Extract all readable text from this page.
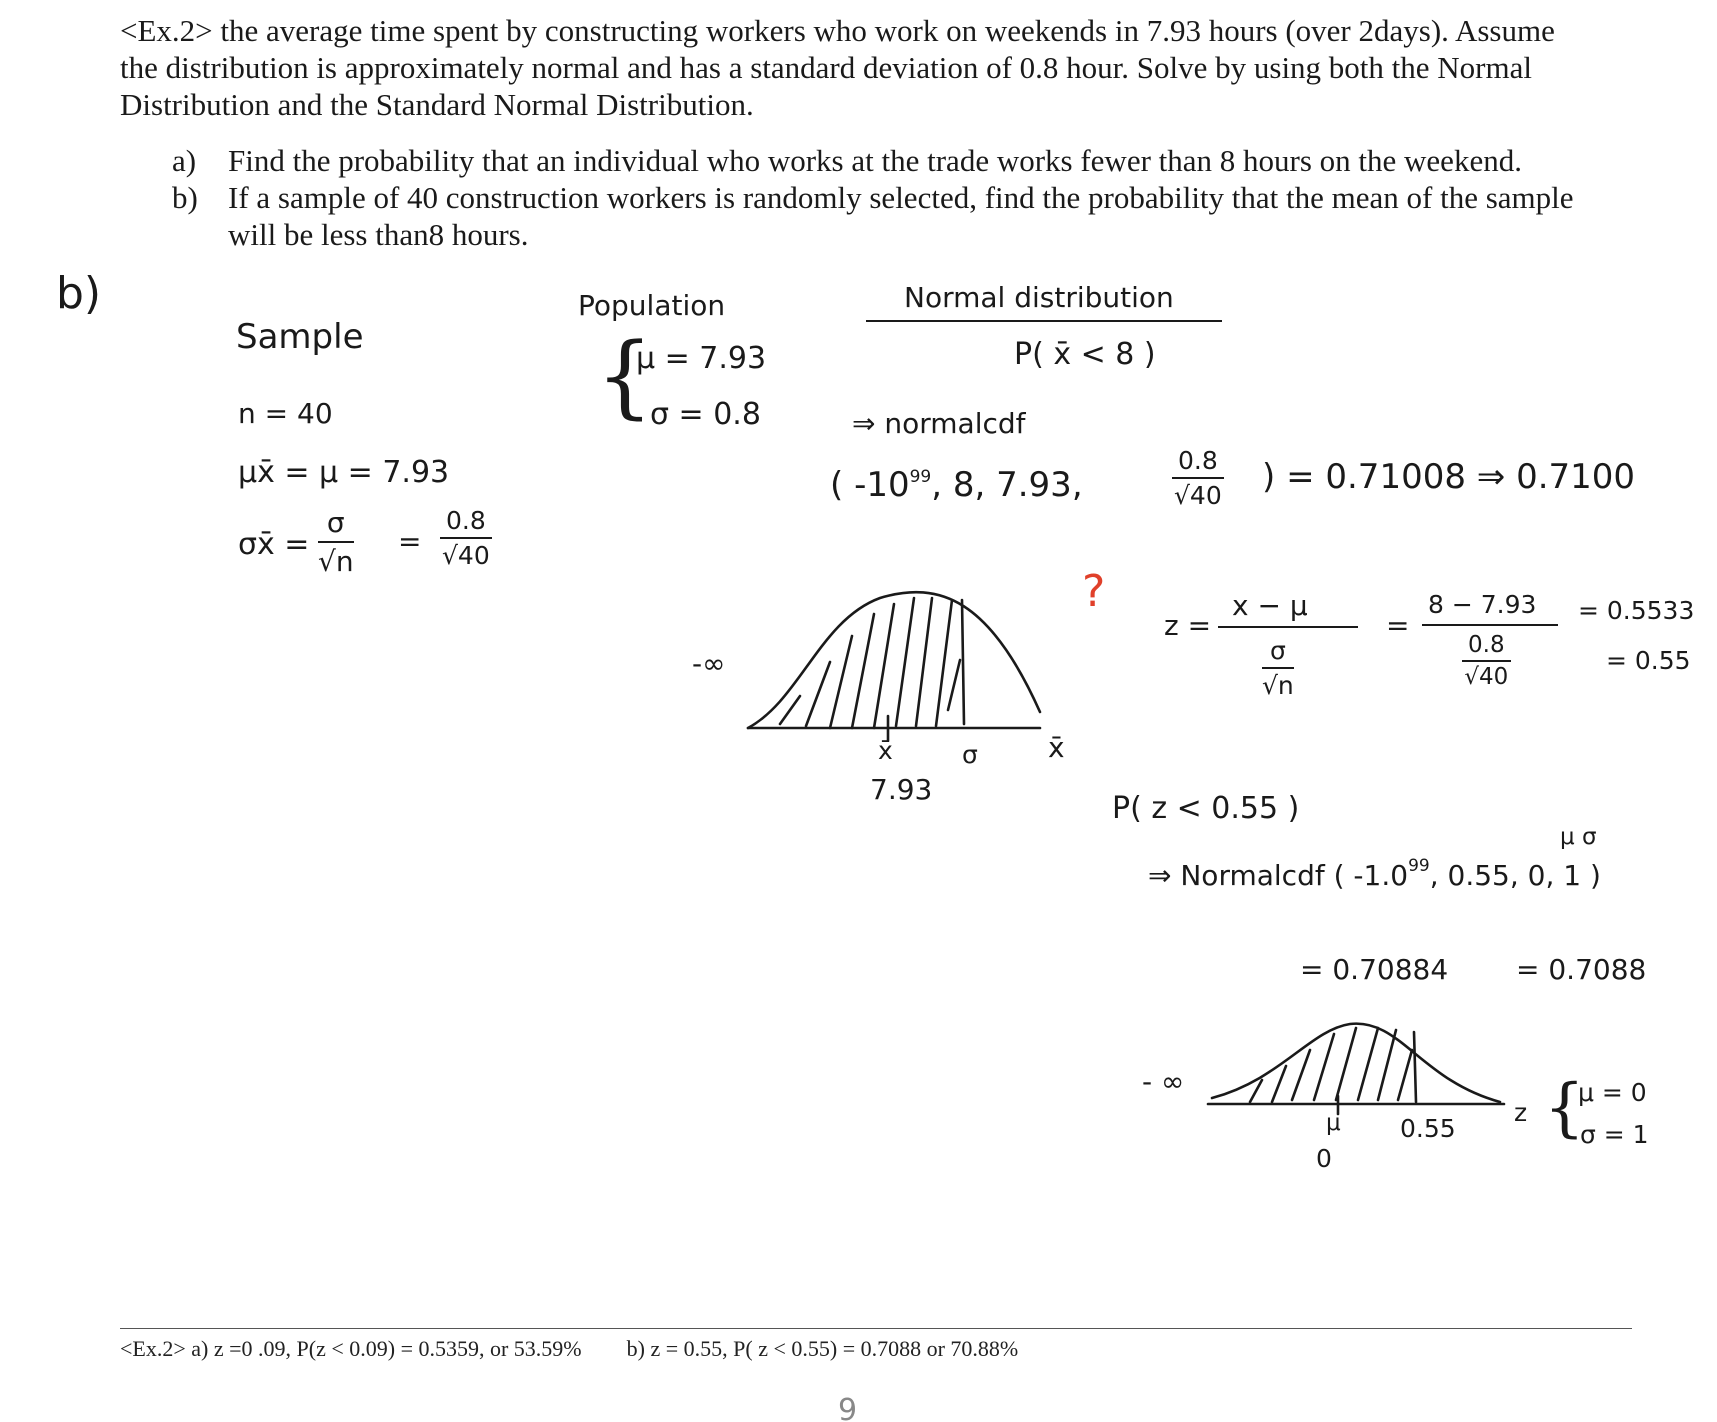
<Ex.2> the average time spent by constructing workers who work on weekends in 7.93 hours (over 2days). Assume

the distribution is approximately normal and has a standard deviation of 0.8 hour. Solve by using both the Normal

Distribution and the Standard Normal Distribution.

a) Find the probability that an individual who works at the trade works fewer than 8 hours on the weekend.
b) If a sample of 40 construction workers is randomly selected, find the probability that the mean of the sample
will be less than8 hours.
b)
Sample
n = 40
μx̄ = μ = 7.93
σx̄ = $\frac{\sigma}{√n} = \frac{0.8}{√40}$
Population
{
μ = 7.93
σ = 0.8
Normal distribution
P( x̄ < 8 )
⇒ normalcdf
( $-10^{99}$, 8, 7.93,	$\frac{0.8}{√40}$ ) = 0.71008 ⇒ 0.7100
?
z =
x − μ
$\frac{\sigma}{√n}$
=
8 − 7.93
$\frac{0.8}{√40}$
= 0.5533
= 0.55
P( z < 0.55 )
μ σ
⇒ Normalcdf ( $-1.0^{99}$, 0.55, 0, 1 )
= 0.70884 = 0.7088
-∞
x̄	σ
7.93
x̄
- ∞
μ
0
0.55
z {
μ = 0
σ = 1
<Ex.2> a) z =0 .09, P(z < 0.09) = 0.5359, or 53.59% b) z = 0.55, P( z < 0.55) = 0.7088 or 70.88%
9
